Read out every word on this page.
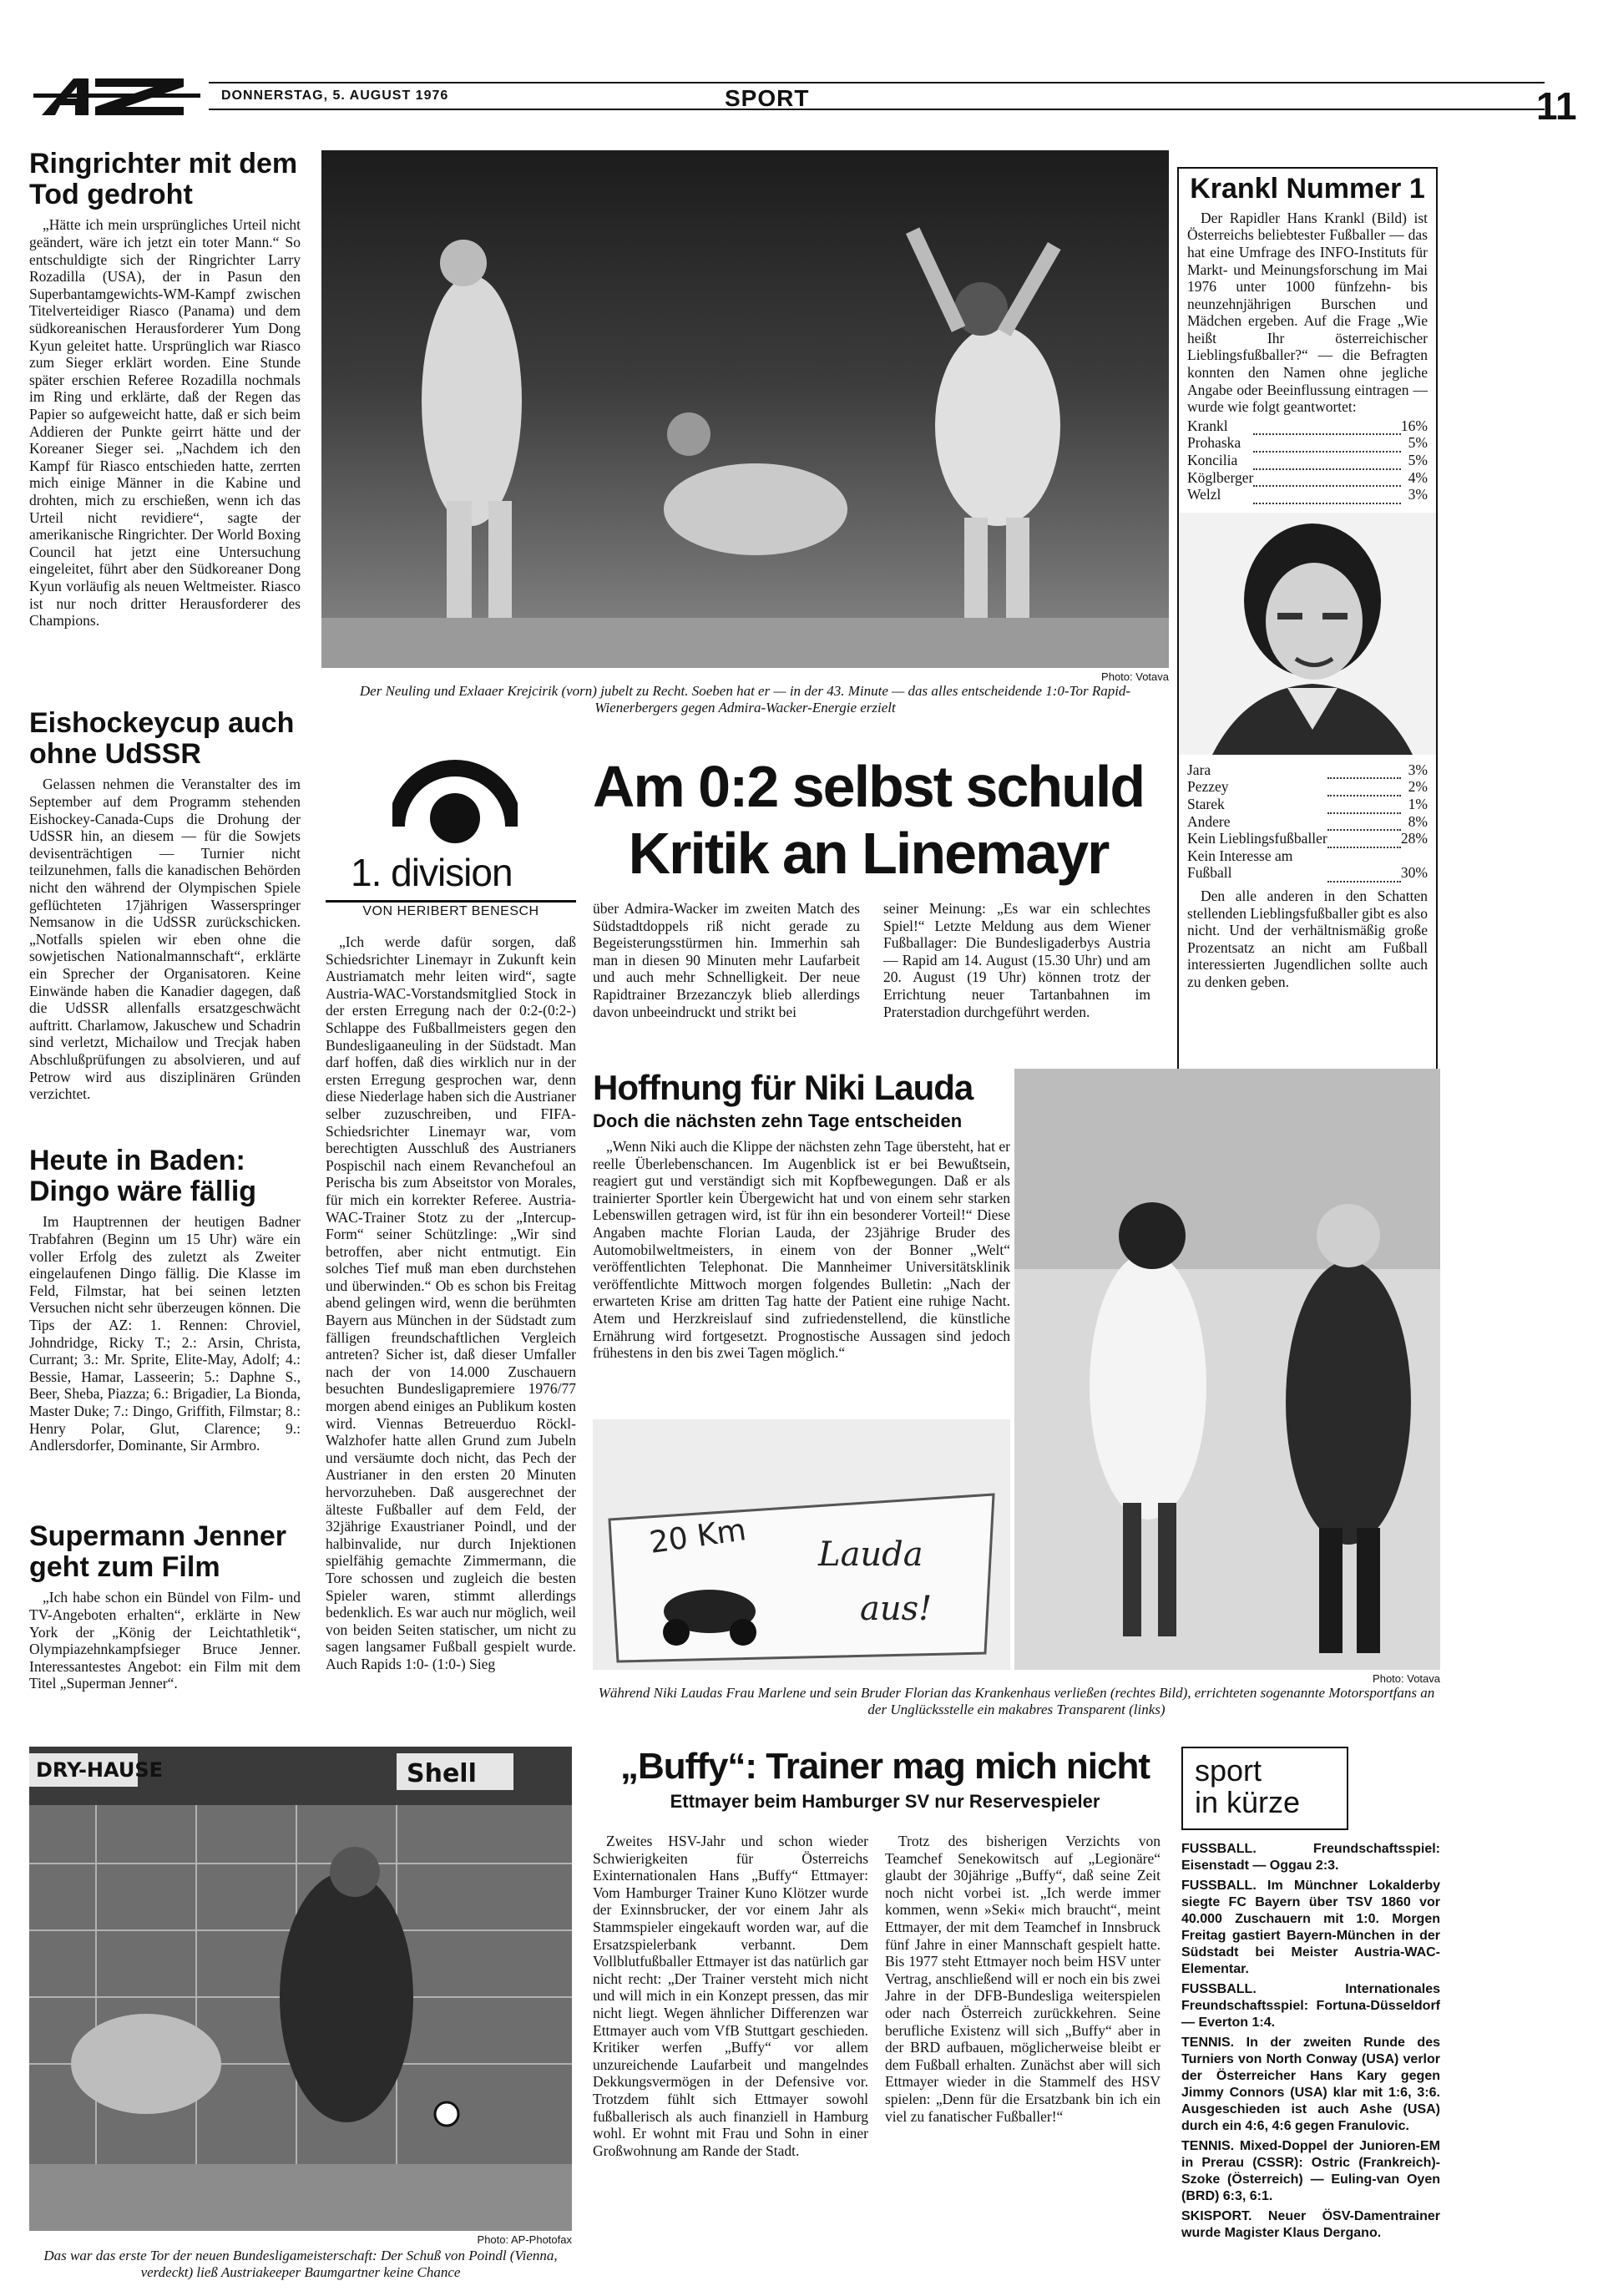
DONNERSTAG, 5. AUGUST 1976	SPORT	11
Ringrichter mit dem Tod gedroht

„Hätte ich mein ursprüngliches Urteil nicht geändert, wäre ich jetzt ein toter Mann.“ So entschuldigte sich der Ringrichter Larry Rozadilla (USA), der in Pasun den Superbantamgewichts-WM-Kampf zwischen Titelverteidiger Riasco (Panama) und dem südkoreanischen Herausforderer Yum Dong Kyun geleitet hatte. Ursprünglich war Riasco zum Sieger erklärt worden. Eine Stunde später erschien Referee Rozadilla nochmals im Ring und erklärte, daß der Regen das Papier so aufgeweicht hatte, daß er sich beim Addieren der Punkte geirrt hätte und der Koreaner Sieger sei. „Nachdem ich den Kampf für Riasco entschieden hatte, zerrten mich einige Männer in die Kabine und drohten, mich zu erschießen, wenn ich das Urteil nicht revidiere“, sagte der amerikanische Ringrichter. Der World Boxing Council hat jetzt eine Untersuchung eingeleitet, führt aber den Südkoreaner Dong Kyun vorläufig als neuen Weltmeister. Riasco ist nur noch dritter Herausforderer des Champions.

Eishockeycup auch ohne UdSSR

Gelassen nehmen die Veranstalter des im September auf dem Programm stehenden Eishockey-Canada-Cups die Drohung der UdSSR hin, an diesem — für die Sowjets devisenträchtigen — Turnier nicht teilzunehmen, falls die kanadischen Behörden nicht den während der Olympischen Spiele geflüchteten 17jährigen Wasserspringer Nemsanow in die UdSSR zurückschicken. „Notfalls spielen wir eben ohne die sowjetischen Nationalmannschaft“, erklärte ein Sprecher der Organisatoren. Keine Einwände haben die Kanadier dagegen, daß die UdSSR allenfalls ersatzgeschwächt auftritt. Charlamow, Jakuschew und Schadrin sind verletzt, Michailow und Trecjak haben Abschlußprüfungen zu absolvieren, und auf Petrow wird aus disziplinären Gründen verzichtet.

Heute in Baden: Dingo wäre fällig

Im Hauptrennen der heutigen Badner Trabfahren (Beginn um 15 Uhr) wäre ein voller Erfolg des zuletzt als Zweiter eingelaufenen Dingo fällig. Die Klasse im Feld, Filmstar, hat bei seinen letzten Versuchen nicht sehr überzeugen können. Die Tips der AZ: 1. Rennen: Chroviel, Johndridge, Ricky T.; 2.: Arsin, Christa, Currant; 3.: Mr. Sprite, Elite-May, Adolf; 4.: Bessie, Hamar, Lasseerin; 5.: Daphne S., Beer, Sheba, Piazza; 6.: Brigadier, La Bionda, Master Duke; 7.: Dingo, Griffith, Filmstar; 8.: Henry Polar, Glut, Clarence; 9.: Andlersdorfer, Dominante, Sir Armbro.

Supermann Jenner geht zum Film

„Ich habe schon ein Bündel von Film- und TV-Angeboten erhalten“, erklärte in New York der „König der Leichtathletik“, Olympiazehnkampfsieger Bruce Jenner. Interessantestes Angebot: ein Film mit dem Titel „Superman Jenner“.

Photo: Votava
Der Neuling und Exlaaer Krejcirik (vorn) jubelt zu Recht. Soeben hat er — in der 43. Minute — das alles entscheidende 1:0-Tor Rapid-Wienerbergers gegen Admira-Wacker-Energie erzielt
Krankl Nummer 1

Der Rapidler Hans Krankl (Bild) ist Österreichs beliebtester Fußballer — das hat eine Umfrage des INFO-Instituts für Markt- und Meinungsforschung im Mai 1976 unter 1000 fünfzehn- bis neunzehnjährigen Burschen und Mädchen ergeben. Auf die Frage „Wie heißt Ihr österreichischer Lieblingsfußballer?“ — die Befragten konnten den Namen ohne jegliche Angabe oder Beeinflussung eintragen — wurde wie folgt geantwortet:

Krankl		16%
Prohaska		5%
Koncilia		5%
Köglberger		4%
Welzl		3%
Jara		3%
Pezzey		2%
Starek		1%
Andere		8%
Kein Lieblingsfußballer		28%
Kein Interesse am Fußball		30%

Den alle anderen in den Schatten stellenden Lieblingsfußballer gibt es also nicht. Und der verhältnismäßig große Prozentsatz an nicht am Fußball interessierten Jugendlichen sollte auch zu denken geben.

1. division
VON HERIBERT BENESCH
Am 0:2 selbst schuld
Kritik an Linemayr

„Ich werde dafür sorgen, daß Schiedsrichter Linemayr in Zukunft kein Austriamatch mehr leiten wird“, sagte Austria-WAC-Vorstandsmitglied Stock in der ersten Erregung nach der 0:2-(0:2-) Schlappe des Fußballmeisters gegen den Bundesligaaneuling in der Südstadt. Man darf hoffen, daß dies wirklich nur in der ersten Erregung gesprochen war, denn diese Niederlage haben sich die Austrianer selber zuzuschreiben, und FIFA-Schiedsrichter Linemayr war, vom berechtigten Ausschluß des Austrianers Pospischil nach einem Revanchefoul an Perischa bis zum Abseitstor von Morales, für mich ein korrekter Referee. Austria-WAC-Trainer Stotz zu der „Intercup-Form“ seiner Schützlinge: „Wir sind betroffen, aber nicht entmutigt. Ein solches Tief muß man eben durchstehen und überwinden.“ Ob es schon bis Freitag abend gelingen wird, wenn die berühmten Bayern aus München in der Südstadt zum fälligen freundschaftlichen Vergleich antreten? Sicher ist, daß dieser Umfaller nach der von 14.000 Zuschauern besuchten Bundesligapremiere 1976/77 morgen abend einiges an Publikum kosten wird. Viennas Betreuerduo Röckl-Walzhofer hatte allen Grund zum Jubeln und versäumte doch nicht, das Pech der Austrianer in den ersten 20 Minuten hervorzuheben. Daß ausgerechnet der älteste Fußballer auf dem Feld, der 32jährige Exaustrianer Poindl, und der halbinvalide, nur durch Injektionen spielfähig gemachte Zimmermann, die Tore schossen und zugleich die besten Spieler waren, stimmt allerdings bedenklich. Es war auch nur möglich, weil von beiden Seiten statischer, um nicht zu sagen langsamer Fußball gespielt wurde. Auch Rapids 1:0- (1:0-) Sieg

über Admira-Wacker im zweiten Match des Südstadtdoppels riß nicht gerade zu Begeisterungsstürmen hin. Immerhin sah man in diesen 90 Minuten mehr Laufarbeit und auch mehr Schnelligkeit. Der neue Rapidtrainer Brzezanczyk blieb allerdings davon unbeeindruckt und strikt bei

seiner Meinung: „Es war ein schlechtes Spiel!“ Letzte Meldung aus dem Wiener Fußballager: Die Bundesligaderbys Austria — Rapid am 14. August (15.30 Uhr) und am 20. August (19 Uhr) können trotz der Errichtung neuer Tartanbahnen im Praterstadion durchgeführt werden.

Hoffnung für Niki Lauda
Doch die nächsten zehn Tage entscheiden

„Wenn Niki auch die Klippe der nächsten zehn Tage übersteht, hat er reelle Überlebenschancen. Im Augenblick ist er bei Bewußtsein, reagiert gut und verständigt sich mit Kopfbewegungen. Daß er als trainierter Sportler kein Übergewicht hat und von einem sehr starken Lebenswillen getragen wird, ist für ihn ein besonderer Vorteil!“ Diese Angaben machte Florian Lauda, der 23jährige Bruder des Automobilweltmeisters, in einem von der Bonner „Welt“ veröffentlichten Telephonat. Die Mannheimer Universitätsklinik veröffentlichte Mittwoch morgen folgendes Bulletin: „Nach der erwarteten Krise am dritten Tag hatte der Patient eine ruhige Nacht. Atem und Herzkreislauf sind zufriedenstellend, die künstliche Ernährung wird fortgesetzt. Prognostische Aussagen sind jedoch frühestens in den bis zwei Tagen möglich.“

20 Km Lauda
aus!
Photo: Votava
Während Niki Laudas Frau Marlene und sein Bruder Florian das Krankenhaus verließen (rechtes Bild), errichteten sogenannte Motorsportfans an der Unglücksstelle ein makabres Transparent (links)
DRY-HAUSE	Shell
Photo: AP-Photofax
Das war das erste Tor der neuen Bundesligameisterschaft: Der Schuß von Poindl (Vienna, verdeckt) ließ Austriakeeper Baumgartner keine Chance
„Buffy“: Trainer mag mich nicht
Ettmayer beim Hamburger SV nur Reservespieler

Zweites HSV-Jahr und schon wieder Schwierigkeiten für Österreichs Exinternationalen Hans „Buffy“ Ettmayer: Vom Hamburger Trainer Kuno Klötzer wurde der Exinnsbrucker, der vor einem Jahr als Stammspieler eingekauft worden war, auf die Ersatzspielerbank verbannt. Dem Vollblutfußballer Ettmayer ist das natürlich gar nicht recht: „Der Trainer versteht mich nicht und will mich in ein Konzept pressen, das mir nicht liegt. Wegen ähnlicher Differenzen war Ettmayer auch vom VfB Stuttgart geschieden. Kritiker werfen „Buffy“ vor allem unzureichende Laufarbeit und mangelndes Dekkungsvermögen in der Defensive vor. Trotzdem fühlt sich Ettmayer sowohl fußballerisch als auch finanziell in Hamburg wohl. Er wohnt mit Frau und Sohn in einer Großwohnung am Rande der Stadt.

Trotz des bisherigen Verzichts von Teamchef Senekowitsch auf „Legionäre“ glaubt der 30jährige „Buffy“, daß seine Zeit noch nicht vorbei ist. „Ich werde immer kommen, wenn »Seki« mich braucht“, meint Ettmayer, der mit dem Teamchef in Innsbruck fünf Jahre in einer Mannschaft gespielt hatte. Bis 1977 steht Ettmayer noch beim HSV unter Vertrag, anschließend will er noch ein bis zwei Jahre in der DFB-Bundesliga weiterspielen oder nach Österreich zurückkehren. Seine berufliche Existenz will sich „Buffy“ aber in der BRD aufbauen, möglicherweise bleibt er dem Fußball erhalten. Zunächst aber will sich Ettmayer wieder in die Stammelf des HSV spielen: „Denn für die Ersatzbank bin ich ein viel zu fanatischer Fußballer!“

sport
in kürze
FUSSBALL.	Freundschaftsspiel: Eisenstadt — Oggau 2:3.
FUSSBALL. Im Münchner Lokalderby siegte FC Bayern über TSV 1860 vor 40.000 Zuschauern mit 1:0. Morgen Freitag gastiert Bayern-München in der Südstadt bei Meister Austria-WAC-Elementar.
FUSSBALL.	Internationales Freundschaftsspiel: Fortuna-Düsseldorf — Everton 1:4.
TENNIS. In der zweiten Runde des Turniers von North Conway (USA) verlor der Österreicher Hans Kary gegen Jimmy Connors (USA) klar mit 1:6, 3:6. Ausgeschieden ist auch Ashe (USA) durch ein 4:6, 4:6 gegen Franulovic.
TENNIS. Mixed-Doppel der Junioren-EM in Prerau (CSSR): Ostric (Frankreich)-Szoke (Österreich) — Euling-van Oyen (BRD) 6:3, 6:1.
SKISPORT. Neuer ÖSV-Damentrainer wurde Magister Klaus Dergano.
